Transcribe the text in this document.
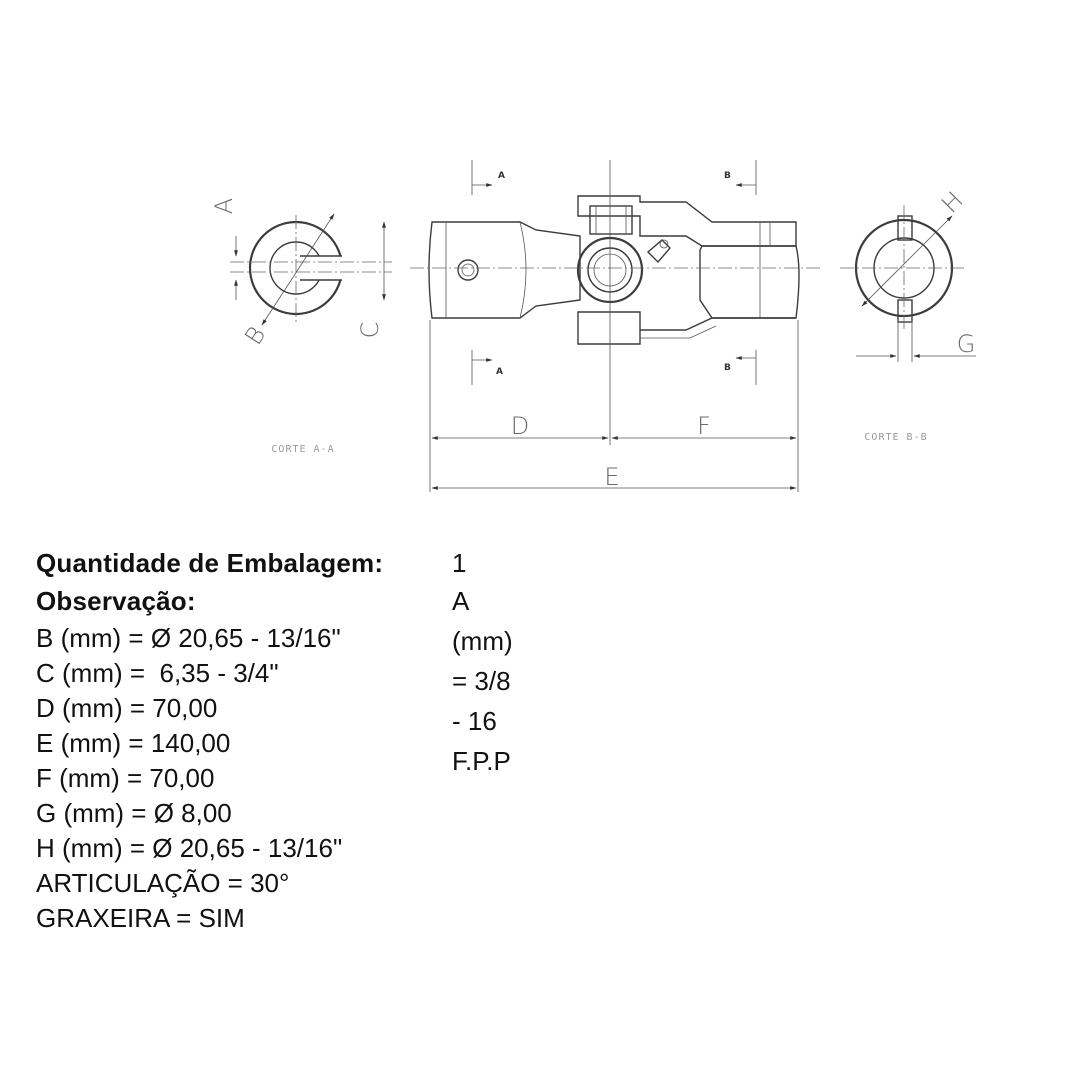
A
B	C
CORTE A-A
A
A
B
B
D	F
E
H
G
CORTE B-B
Quantidade de Embalagem:	1
Observação:	A (mm) = 3/8 - 16 F.P.P
B (mm) = Ø 20,65 - 13/16"
C (mm) =  6,35 - 3/4"
D (mm) = 70,00
E (mm) = 140,00
F (mm) = 70,00
G (mm) = Ø 8,00
H (mm) = Ø 20,65 - 13/16"
ARTICULAÇÃO = 30°
GRAXEIRA = SIM
